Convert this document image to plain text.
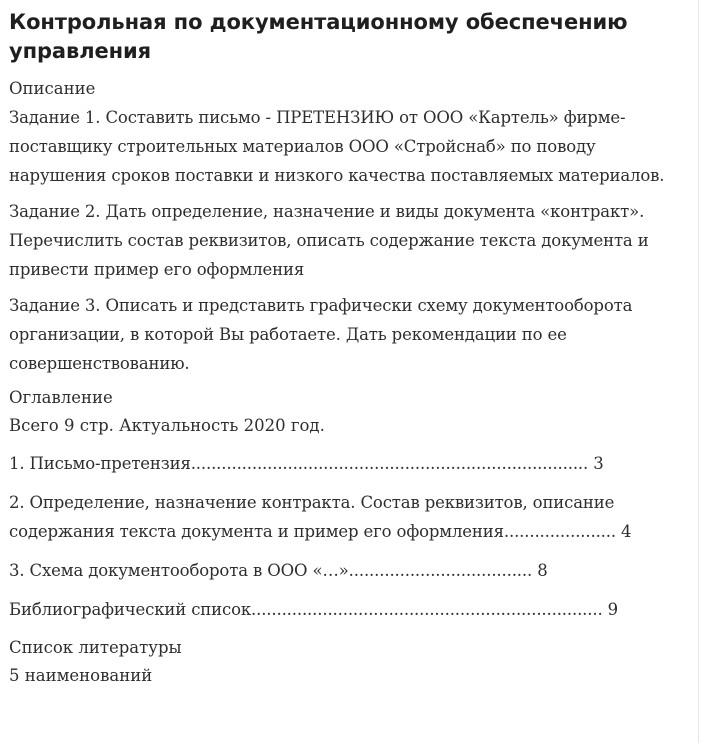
Контрольная по документационному обеспечению управления
Описание

Задание 1. Составить письмо - ПРЕТЕНЗИЮ от ООО «Картель» фирме-поставщику строительных материалов ООО «Стройснаб» по поводу нарушения сроков поставки и низкого качества поставляемых материалов.

Задание 2. Дать определение, назначение и виды документа «контракт». Перечислить состав реквизитов, описать содержание текста документа и привести пример его оформления

Задание 3. Описать и представить графически схему документооборота организации, в которой Вы работаете. Дать рекомендации по ее совершенствованию.

Оглавление
Всего 9 стр. Актуальность 2020 год.

1. Письмо-претензия.............................................................................. 3

2. Определение, назначение контракта. Состав реквизитов, описание содержания текста документа и пример его оформления...................... 4

3. Схема документооборота в ООО «…».................................... 8

Библиографический список..................................................................... 9

Список литературы
5 наименований
